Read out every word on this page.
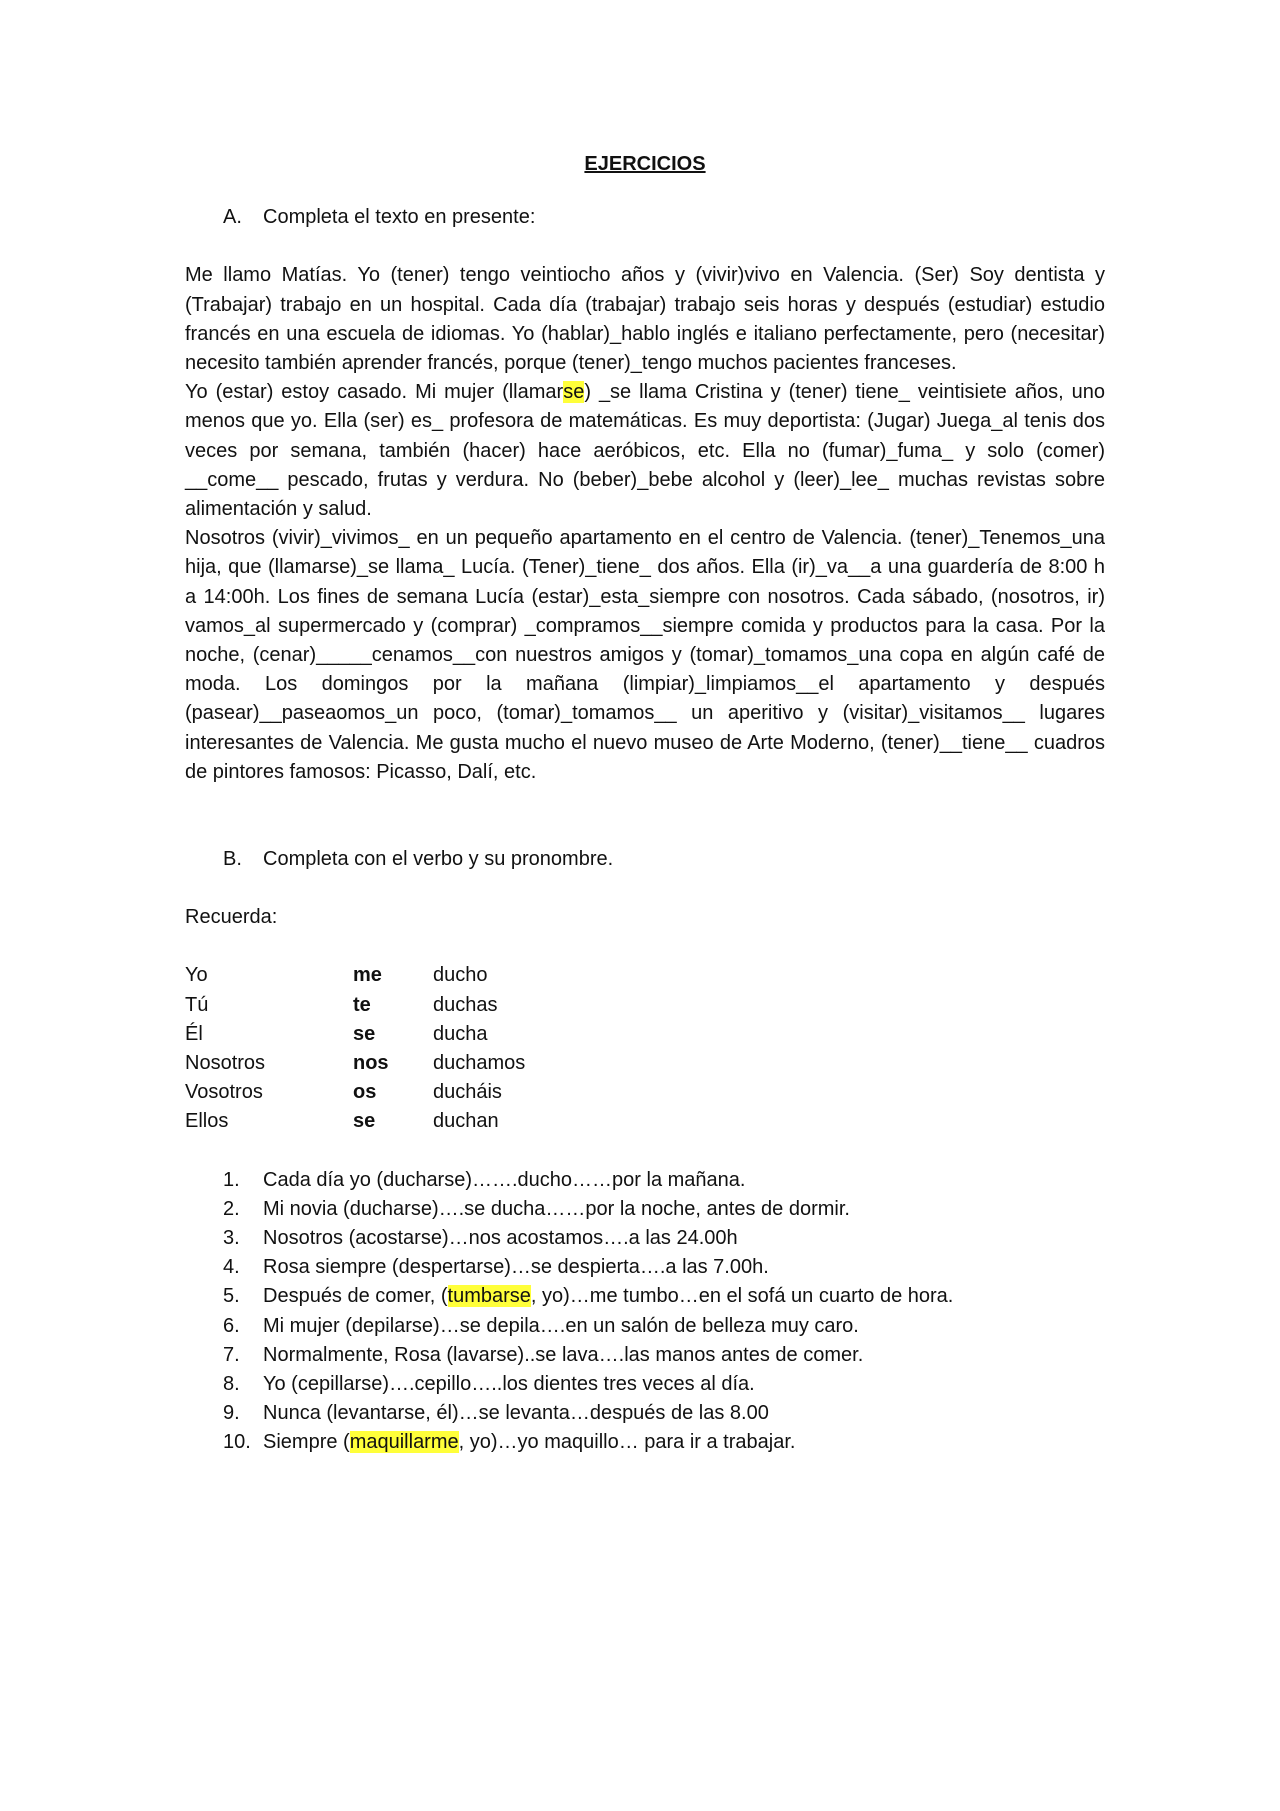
EJERCICIOS

A.	Completa el texto en presente:

Me llamo Matías. Yo (tener) tengo veintiocho años y (vivir)vivo en Valencia. (Ser) Soy dentista y (Trabajar) trabajo en un hospital. Cada día (trabajar) trabajo seis horas y después (estudiar) estudio francés en una escuela de idiomas. Yo (hablar)_hablo inglés e italiano perfectamente, pero (necesitar) necesito también aprender francés, porque (tener)_tengo muchos pacientes franceses.

Yo (estar) estoy casado. Mi mujer (llamarse) _se llama Cristina y (tener) tiene_ veintisiete años, uno menos que yo. Ella (ser) es_ profesora de matemáticas. Es muy deportista: (Jugar) Juega_al tenis dos veces por semana, también (hacer) hace aeróbicos, etc. Ella no (fumar)_fuma_ y solo (comer) __come__ pescado, frutas y verdura. No (beber)_bebe alcohol y (leer)_lee_ muchas revistas sobre alimentación y salud.

Nosotros (vivir)_vivimos_ en un pequeño apartamento en el centro de Valencia. (tener)_Tenemos_una hija, que (llamarse)_se llama_ Lucía. (Tener)_tiene_ dos años. Ella (ir)_va__a una guardería de 8:00 h a 14:00h. Los fines de semana Lucía (estar)_esta_siempre con nosotros. Cada sábado, (nosotros, ir) vamos_al supermercado y (comprar) _compramos__siempre comida y productos para la casa. Por la noche, (cenar)_____cenamos__con nuestros amigos y (tomar)_tomamos_una copa en algún café de moda. Los domingos por la mañana (limpiar)_limpiamos__el apartamento y después (pasear)__paseaomos_un poco, (tomar)_tomamos__ un aperitivo y (visitar)_visitamos__ lugares interesantes de Valencia. Me gusta mucho el nuevo museo de Arte Moderno, (tener)__tiene__ cuadros de pintores famosos: Picasso, Dalí, etc.

B.	Completa con el verbo y su pronombre.

Recuerda:

Yo	me	ducho
Tú	te	duchas
Él	se	ducha
Nosotros	nos	duchamos
Vosotros	os	ducháis
Ellos	se	duchan
1.	Cada día yo (ducharse)…….ducho……por la mañana.
2.	Mi novia (ducharse)….se ducha……por la noche, antes de dormir.
3.	Nosotros (acostarse)…nos acostamos….a las 24.00h
4.	Rosa siempre (despertarse)…se despierta….a las 7.00h.
5.	Después de comer, (tumbarse, yo)…me tumbo…en el sofá un cuarto de hora.
6.	Mi mujer (depilarse)…se depila….en un salón de belleza muy caro.
7.	Normalmente, Rosa (lavarse)..se lava….las manos antes de comer.
8.	Yo (cepillarse)….cepillo…..los dientes tres veces al día.
9.	Nunca (levantarse, él)…se levanta…después de las 8.00
10. Siempre (maquillarme, yo)…yo maquillo… para ir a trabajar.
